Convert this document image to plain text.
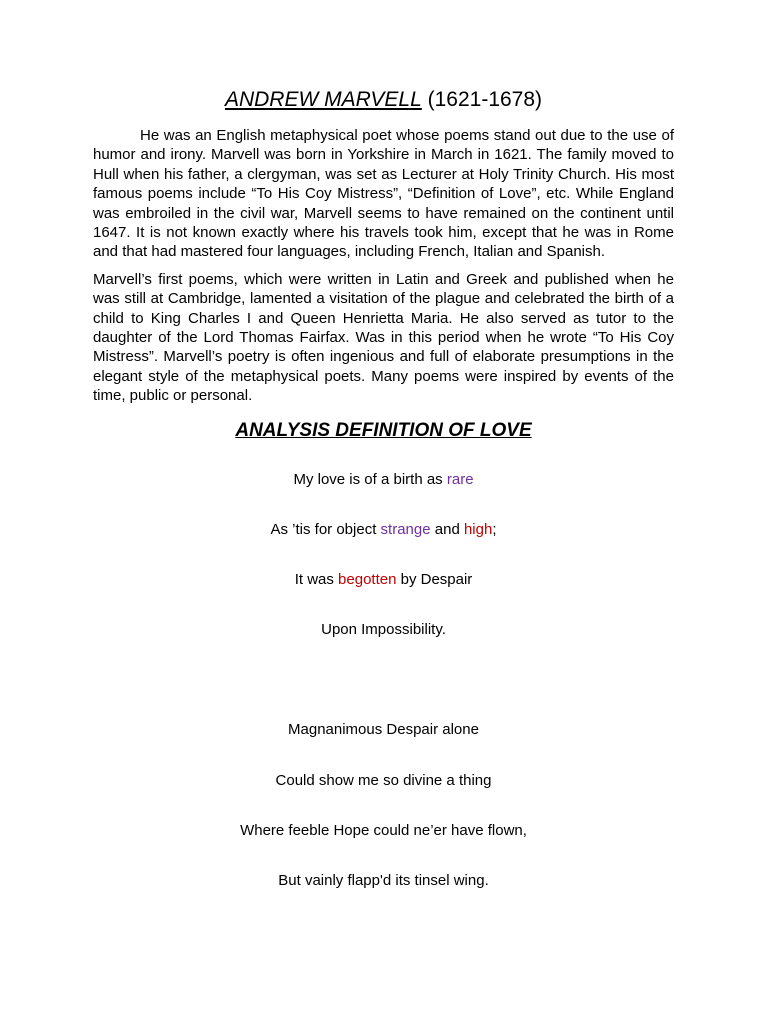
ANDREW MARVELL (1621-1678)

He was an English metaphysical poet whose poems stand out due to the use of humor and irony. Marvell was born in Yorkshire in March in 1621. The family moved to Hull when his father, a clergyman, was set as Lecturer at Holy Trinity Church. His most famous poems include “To His Coy Mistress”, “Definition of Love”, etc. While England was embroiled in the civil war, Marvell seems to have remained on the continent until 1647. It is not known exactly where his travels took him, except that he was in Rome and that had mastered four languages, including French, Italian and Spanish.

Marvell’s first poems, which were written in Latin and Greek and published when he was still at Cambridge, lamented a visitation of the plague and celebrated the birth of a child to King Charles I and Queen Henrietta Maria. He also served as tutor to the daughter of the Lord Thomas Fairfax. Was in this period when he wrote “To His Coy Mistress”. Marvell’s poetry is often ingenious and full of elaborate presumptions in the elegant style of the metaphysical poets. Many poems were inspired by events of the time, public or personal.

ANALYSIS DEFINITION OF LOVE
My love is of a birth as rare
As ’tis for object strange and high;
It was begotten by Despair
Upon Impossibility.
Magnanimous Despair alone
Could show me so divine a thing
Where feeble Hope could ne’er have flown,
But vainly flapp'd its tinsel wing.
